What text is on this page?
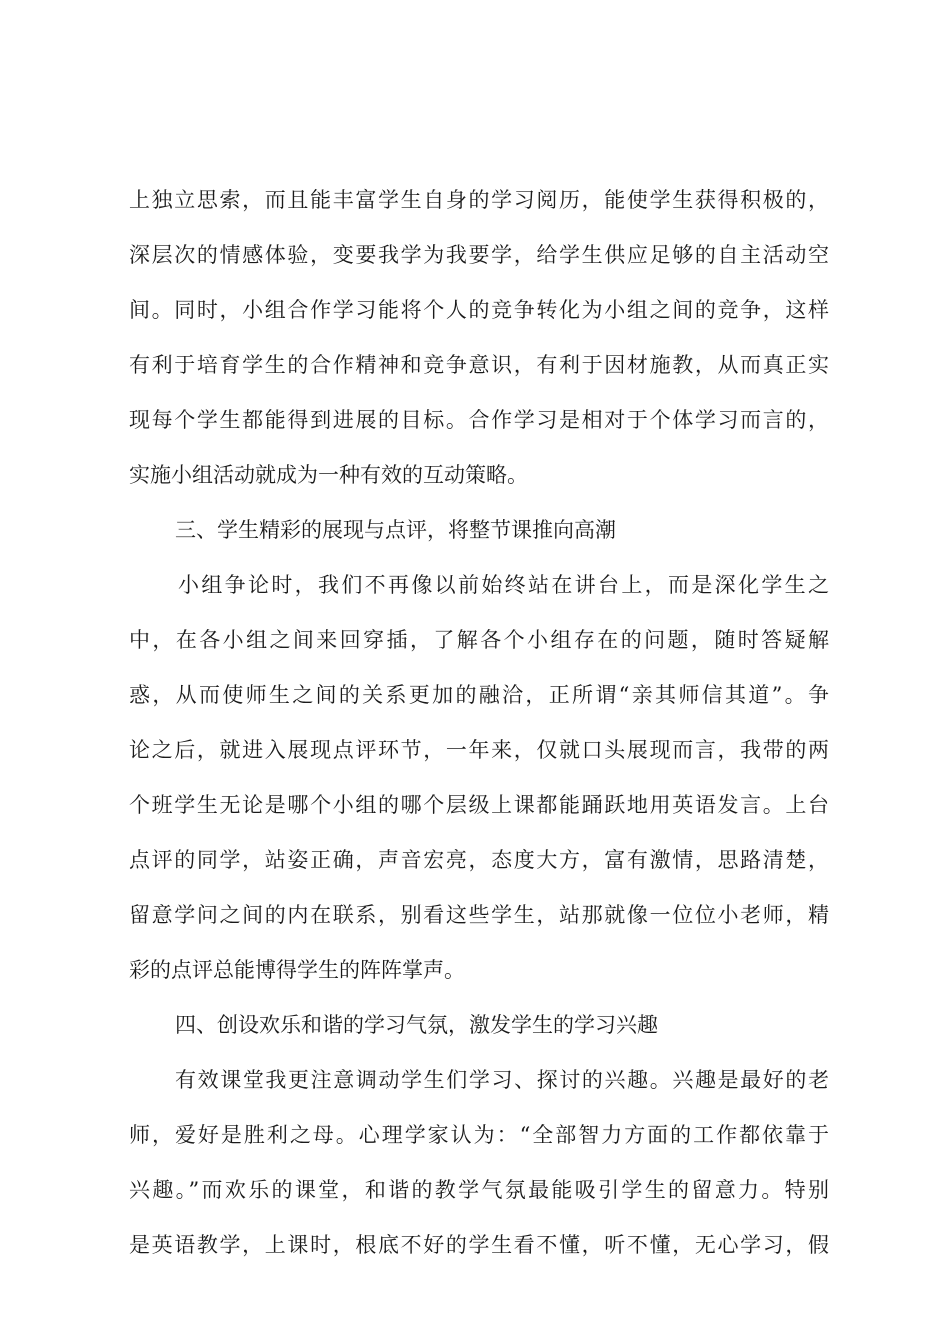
上独立思索，而且能丰富学生自身的学习阅历，能使学生获得积极的，
深层次的情感体验，变要我学为我要学，给学生供应足够的自主活动空
间。同时，小组合作学习能将个人的竞争转化为小组之间的竞争，这样
有利于培育学生的合作精神和竞争意识，有利于因材施教，从而真正实
现每个学生都能得到进展的目标。合作学习是相对于个体学习而言的，
实施小组活动就成为一种有效的互动策略。
三、学生精彩的展现与点评，将整节课推向高潮
小组争论时，我们不再像以前始终站在讲台上，而是深化学生之
中，在各小组之间来回穿插，了解各个小组存在的问题，随时答疑解
惑，从而使师生之间的关系更加的融洽，正所谓“亲其师信其道”。争
论之后，就进入展现点评环节，一年来，仅就口头展现而言，我带的两
个班学生无论是哪个小组的哪个层级上课都能踊跃地用英语发言。上台
点评的同学，站姿正确，声音宏亮，态度大方，富有激情，思路清楚，
留意学问之间的内在联系，别看这些学生，站那就像一位位小老师，精
彩的点评总能博得学生的阵阵掌声。
四、创设欢乐和谐的学习气氛，激发学生的学习兴趣
有效课堂我更注意调动学生们学习、探讨的兴趣。兴趣是最好的老
师，爱好是胜利之母。心理学家认为：“全部智力方面的工作都依靠于
兴趣。”而欢乐的课堂，和谐的教学气氛最能吸引学生的留意力。特别
是英语教学，上课时，根底不好的学生看不懂，听不懂，无心学习，假
